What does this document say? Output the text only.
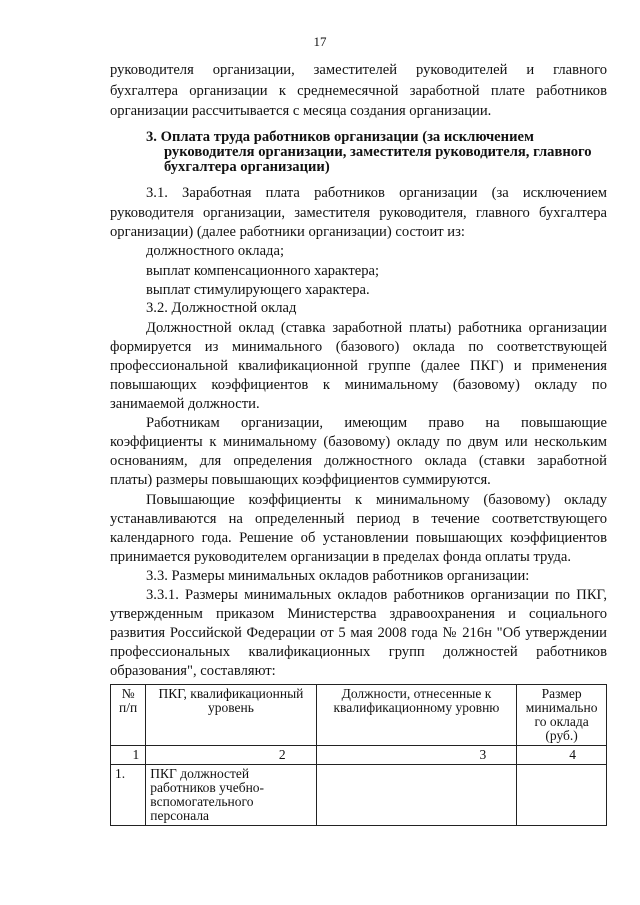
17
руководителя организации, заместителей руководителей и главного
бухгалтера организации к среднемесячной заработной плате работников
организации рассчитывается с месяца создания организации.
3. Оплата труда работников организации (за исключением
руководителя организации, заместителя руководителя, главного
бухгалтера организации)
3.1. Заработная плата работников организации (за исключением
руководителя организации, заместителя руководителя, главного бухгалтера
организации) (далее работники организации) состоит из:
должностного оклада;
выплат компенсационного характера;
выплат стимулирующего характера.
3.2. Должностной оклад
Должностной оклад (ставка заработной платы) работника организации
формируется из минимального (базового) оклада по соответствующей
профессиональной квалификационной группе (далее ПКГ) и применения
повышающих коэффициентов к минимальному (базовому) окладу по
занимаемой должности.
Работникам организации, имеющим право на повышающие
коэффициенты к минимальному (базовому) окладу по двум или нескольким
основаниям, для определения должностного оклада (ставки заработной
платы) размеры повышающих коэффициентов суммируются.
Повышающие коэффициенты к минимальному (базовому) окладу
устанавливаются на определенный период в течение соответствующего
календарного года. Решение об установлении повышающих коэффициентов
принимается руководителем организации в пределах фонда оплаты труда.
3.3. Размеры минимальных окладов работников организации:
3.3.1. Размеры минимальных окладов работников организации по ПКГ,
утвержденным приказом Министерства здравоохранения и социального
развития Российской Федерации от 5 мая 2008 года № 216н "Об утверждении
профессиональных квалификационных групп должностей работников
образования", составляют:
№ п/п	ПКГ, квалификационный уровень	Должности, отнесенные к квалификационному уровню	Размер минимально го оклада (руб.)
1	2	3	4
1.	ПКГ должностей работников учебно-вспомогательного персонала		
